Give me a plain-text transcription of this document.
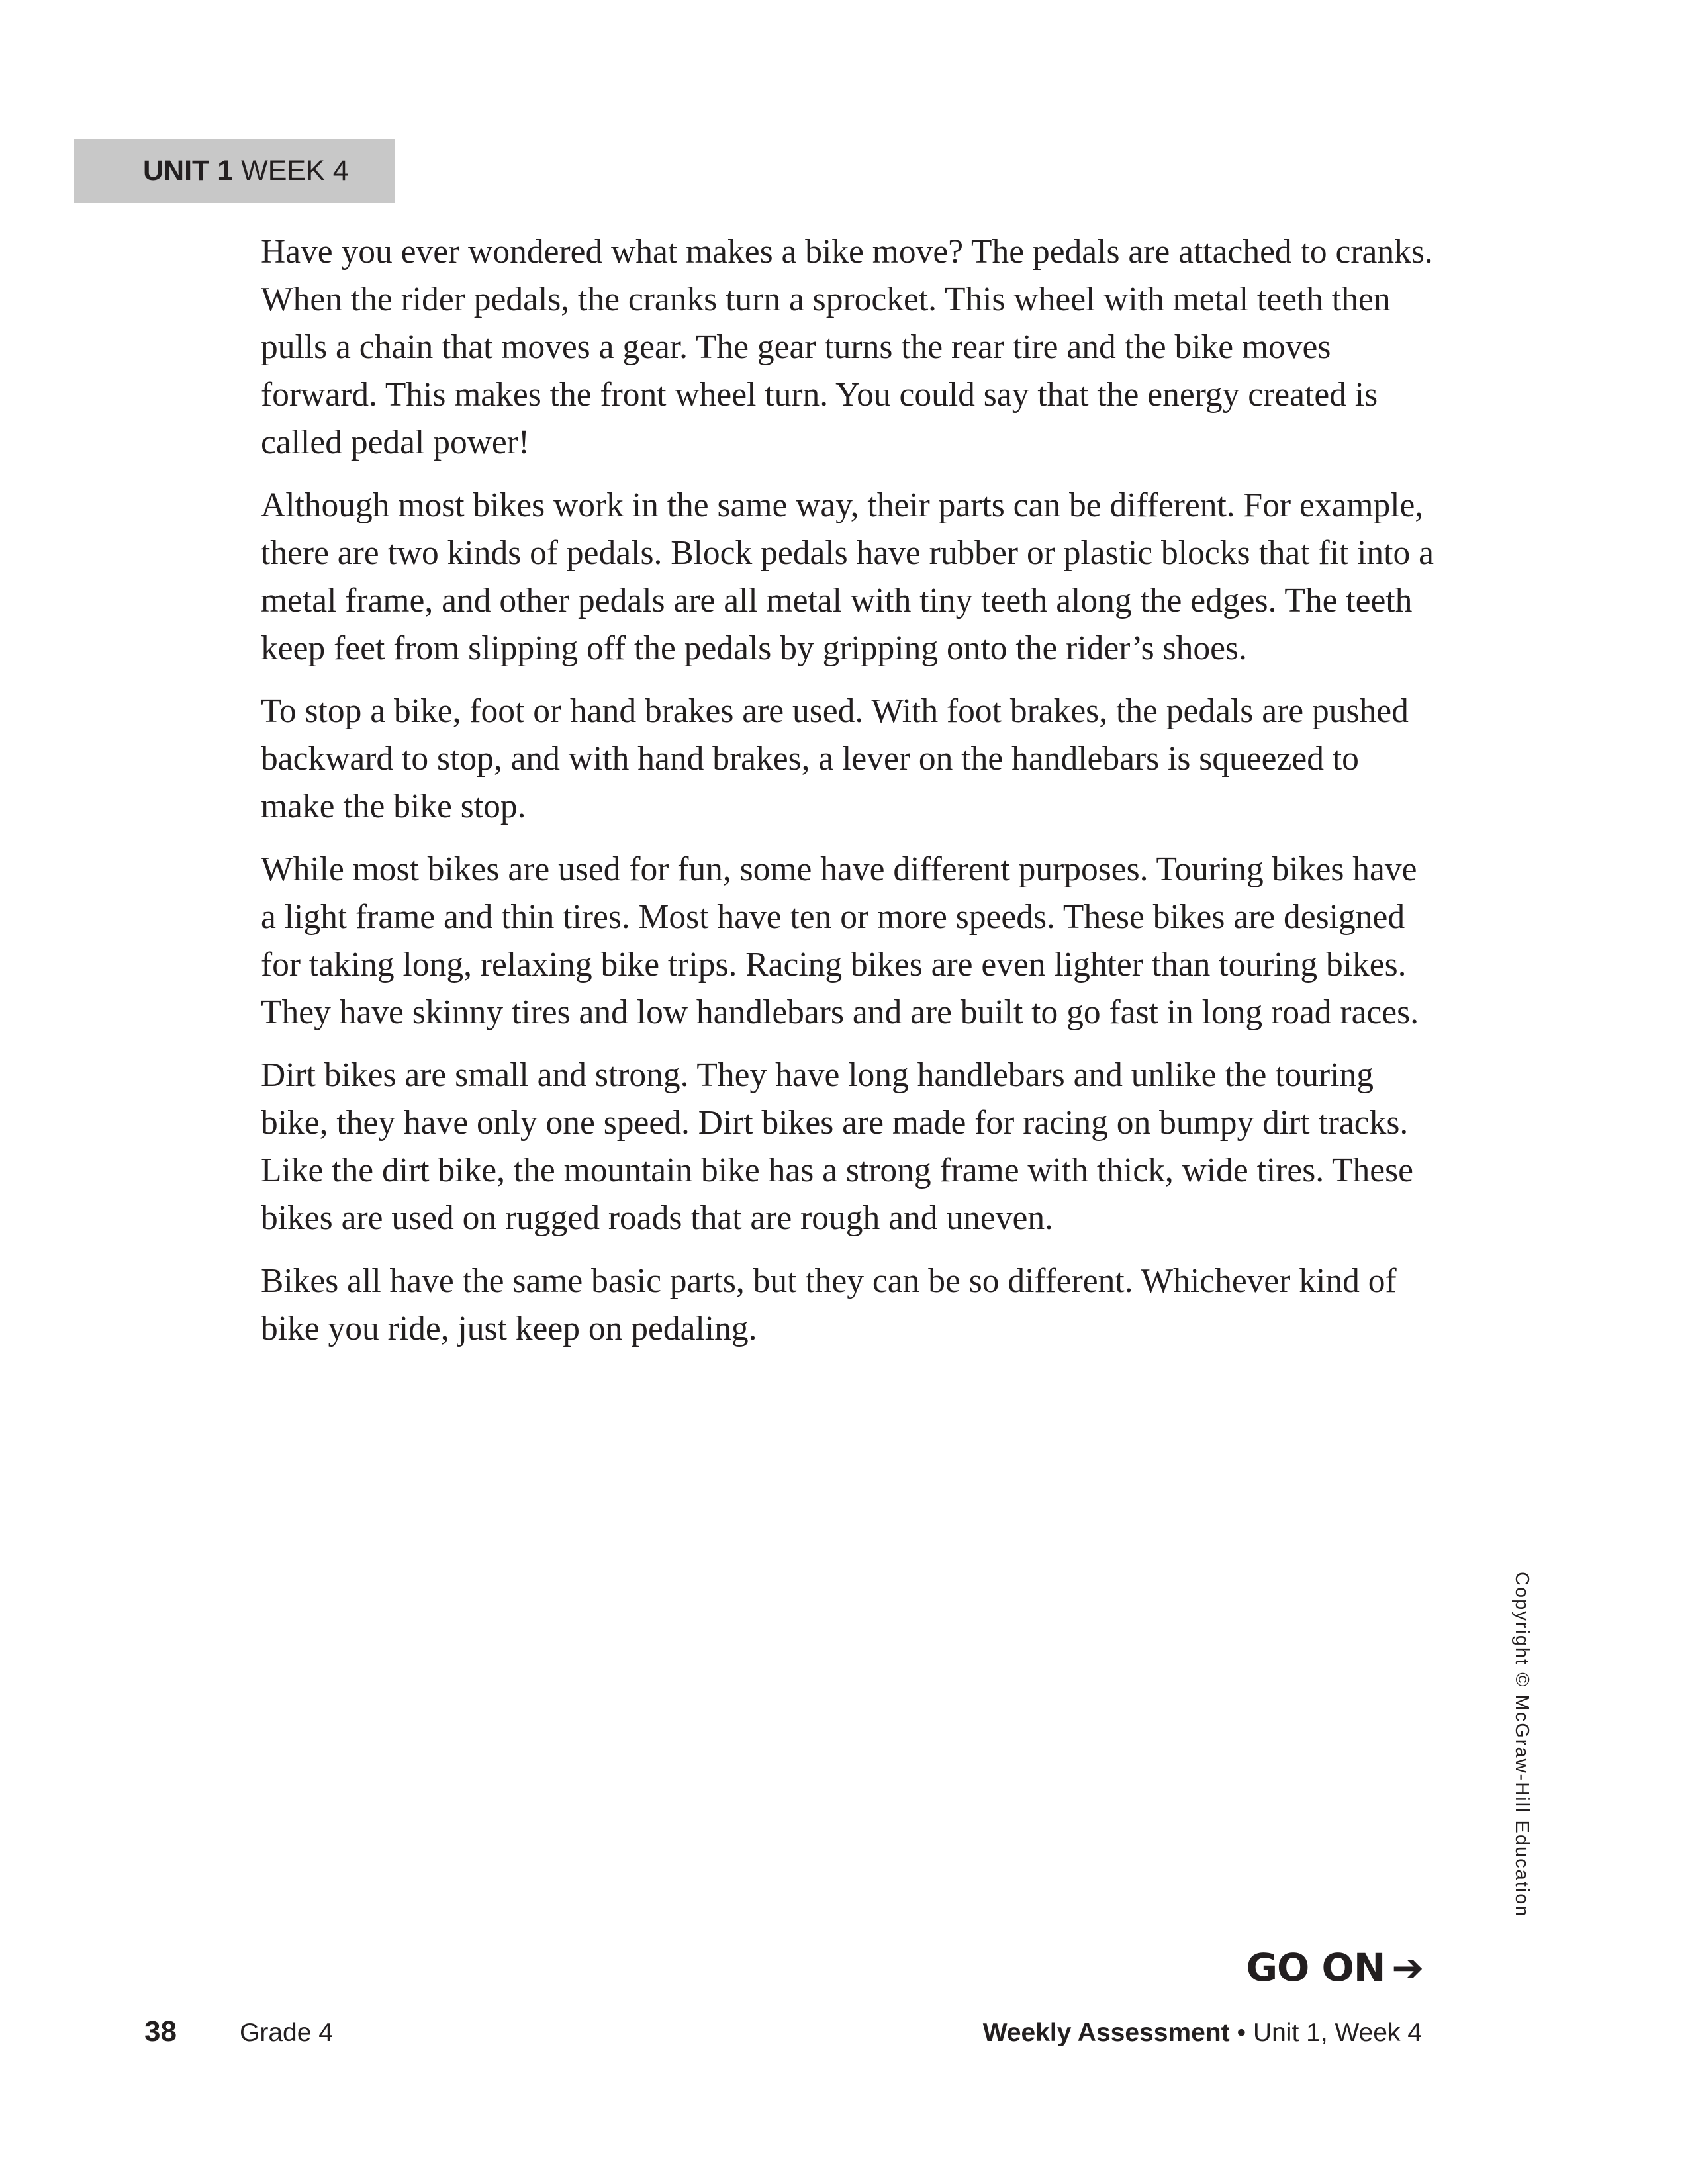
UNIT 1 WEEK 4

Have you ever wondered what makes a bike move? The pedals are attached to cranks. When the rider pedals, the cranks turn a sprocket. This wheel with metal teeth then pulls a chain that moves a gear. The gear turns the rear tire and the bike moves forward. This makes the front wheel turn. You could say that the energy created is called pedal power!

Although most bikes work in the same way, their parts can be different. For example, there are two kinds of pedals. Block pedals have rubber or plastic blocks that fit into a metal frame, and other pedals are all metal with tiny teeth along the edges. The teeth keep feet from slipping off the pedals by gripping onto the rider’s shoes.

To stop a bike, foot or hand brakes are used. With foot brakes, the pedals are pushed backward to stop, and with hand brakes, a lever on the handlebars is squeezed to make the bike stop.

While most bikes are used for fun, some have different purposes. Touring bikes have a light frame and thin tires. Most have ten or more speeds. These bikes are designed for taking long, relaxing bike trips. Racing bikes are even lighter than touring bikes. They have skinny tires and low handlebars and are built to go fast in long road races.

Dirt bikes are small and strong. They have long handlebars and unlike the touring bike, they have only one speed. Dirt bikes are made for racing on bumpy dirt tracks. Like the dirt bike, the mountain bike has a strong frame with thick, wide tires. These bikes are used on rugged roads that are rough and uneven.

Bikes all have the same basic parts, but they can be so different. Whichever kind of bike you ride, just keep on pedaling.

Copyright © McGraw-Hill Education
GO ON ➔
38 Grade 4	Weekly Assessment • Unit 1, Week 4
